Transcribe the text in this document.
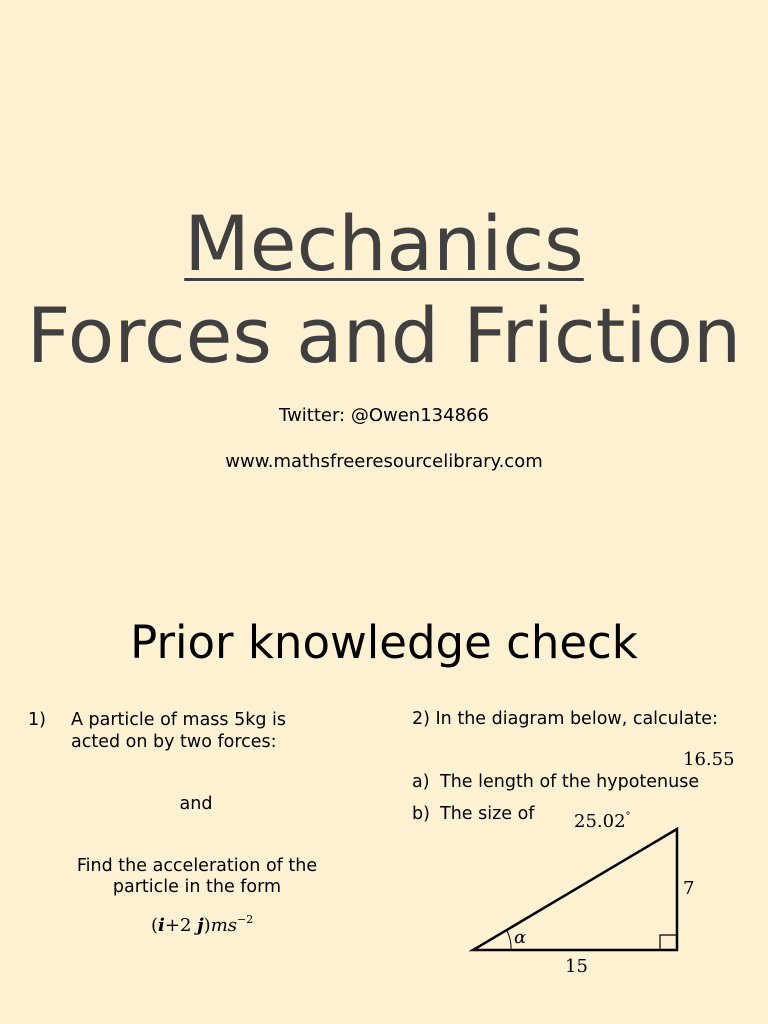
Mechanics
Forces and Friction
Twitter: @Owen134866
www.mathsfreeresourcelibrary.com
Prior knowledge check
1) A particle of mass 5kg is
acted on by two forces:
and
Find the acceleration of the
particle in the form
(i+2 $j)ms^{-2}$
2) In the diagram below, calculate:
16.55
a) The length of the hypotenuse
b) The size of 25.02°
α
15
7
